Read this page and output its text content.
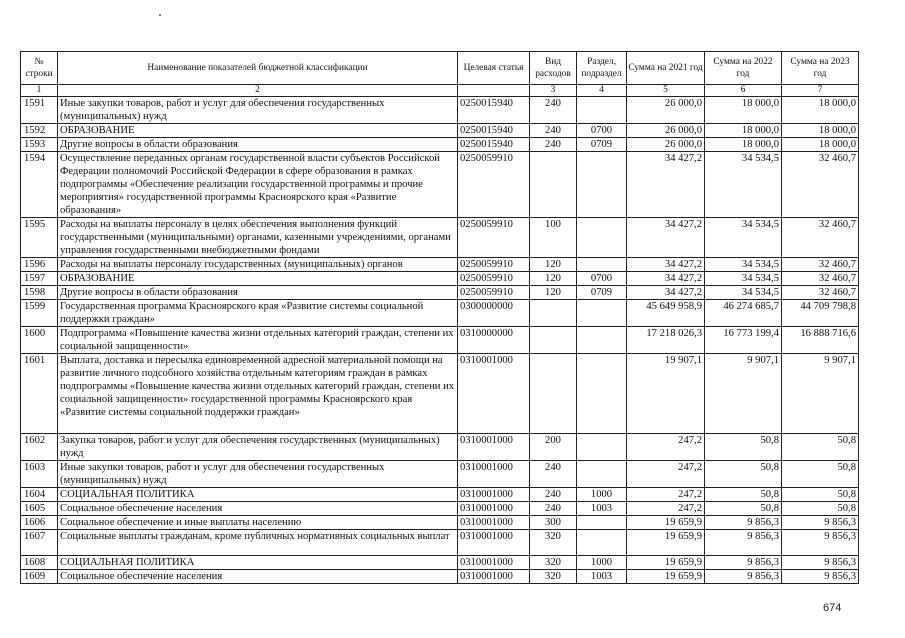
№ строки	Наименование показателей бюджетной классификации	Целевая статья	Вид расходов	Раздел, подраздел	Сумма на 2021 год	Сумма на 2022 год	Сумма на 2023 год
1	2		3	4	5	6	7
1591	Иные закупки товаров, работ и услуг для обеспечения государственных (муниципальных) нужд	0250015940	240		26 000,0	18 000,0	18 000,0
1592	ОБРАЗОВАНИЕ	0250015940	240	0700	26 000,0	18 000,0	18 000,0
1593	Другие вопросы в области образования	0250015940	240	0709	26 000,0	18 000,0	18 000,0
1594	Осуществление переданных органам государственной власти субъектов Российской Федерации полномочий Российской Федерации в сфере образования в рамках подпрограммы «Обеспечение реализации государственной программы и прочие мероприятия» государственной программы Красноярского края «Развитие образования»	0250059910			34 427,2	34 534,5	32 460,7
1595	Расходы на выплаты персоналу в целях обеспечения выполнения функций государственными (муниципальными) органами, казенными учреждениями, органами управления государственными внебюджетными фондами	0250059910	100		34 427,2	34 534,5	32 460,7
1596	Расходы на выплаты персоналу государственных (муниципальных) органов	0250059910	120		34 427,2	34 534,5	32 460,7
1597	ОБРАЗОВАНИЕ	0250059910	120	0700	34 427,2	34 534,5	32 460,7
1598	Другие вопросы в области образования	0250059910	120	0709	34 427,2	34 534,5	32 460,7
1599	Государственная программа Красноярского края «Развитие системы социальной поддержки граждан»	0300000000			45 649 958,9	46 274 685,7	44 709 798,8
1600	Подпрограмма «Повышение качества жизни отдельных категорий граждан, степени их социальной защищенности»	0310000000			17 218 026,3	16 773 199,4	16 888 716,6
1601	Выплата, доставка и пересылка единовременной адресной материальной помощи на развитие личного подсобного хозяйства отдельным категориям граждан в рамках подпрограммы «Повышение качества жизни отдельных категорий граждан, степени их социальной защищенности» государственной программы Красноярского края «Развитие системы социальной поддержки граждан»	0310001000			19 907,1	9 907,1	9 907,1
1602	Закупка товаров, работ и услуг для обеспечения государственных (муниципальных) нужд	0310001000	200		247,2	50,8	50,8
1603	Иные закупки товаров, работ и услуг для обеспечения государственных (муниципальных) нужд	0310001000	240		247,2	50,8	50,8
1604	СОЦИАЛЬНАЯ ПОЛИТИКА	0310001000	240	1000	247,2	50,8	50,8
1605	Социальное обеспечение населения	0310001000	240	1003	247,2	50,8	50,8
1606	Социальное обеспечение и иные выплаты населению	0310001000	300		19 659,9	9 856,3	9 856,3
1607	Социальные выплаты гражданам, кроме публичных нормативных социальных выплат	0310001000	320		19 659,9	9 856,3	9 856,3
1608	СОЦИАЛЬНАЯ ПОЛИТИКА	0310001000	320	1000	19 659,9	9 856,3	9 856,3
1609	Социальное обеспечение населения	0310001000	320	1003	19 659,9	9 856,3	9 856,3
674
